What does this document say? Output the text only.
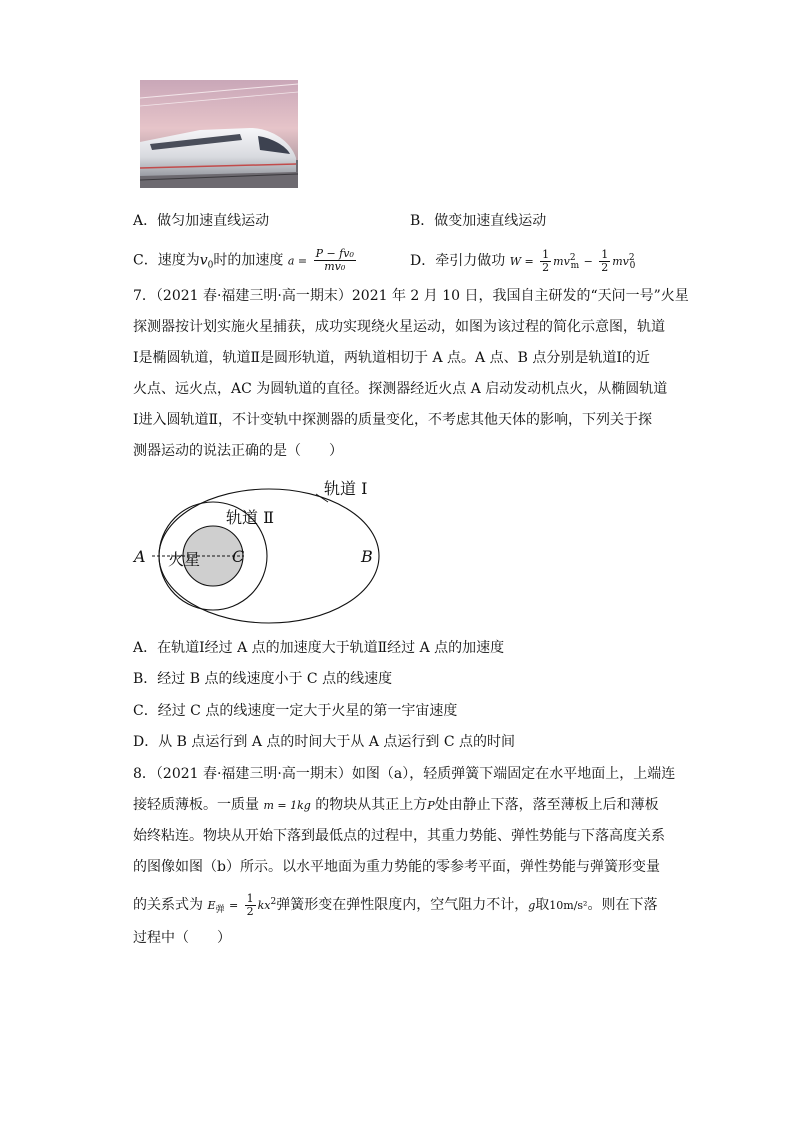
A．做匀加速直线运动	B．做变加速直线运动
C．速度为$v_0$时的加速度 $a = \frac{\text{P − fv₀}}{\text{mv₀}}$	D．牵引力做功 $W = \frac{1}{2} mv^2_m - \frac{1}{2} mv^2_0$
7．（2021 春·福建三明·高一期末）2021 年 2 月 10 日，我国自主研发的“天问一号”火星
探测器按计划实施火星捕获，成功实现绕火星运动，如图为该过程的简化示意图，轨道
Ⅰ是椭圆轨道，轨道Ⅱ是圆形轨道，两轨道相切于 A 点。A 点、B 点分别是轨道Ⅰ的近
火点、远火点，AC 为圆轨道的直径。探测器经近火点 A 启动发动机点火，从椭圆轨道
Ⅰ进入圆轨道Ⅱ，不计变轨中探测器的质量变化，不考虑其他天体的影响，下列关于探
测器运动的说法正确的是（　　）
轨道 Ⅰ
轨道 Ⅱ
火星
A	C	B
A．在轨道Ⅰ经过 A 点的加速度大于轨道Ⅱ经过 A 点的加速度
B．经过 B 点的线速度小于 C 点的线速度
C．经过 C 点的线速度一定大于火星的第一宇宙速度
D．从 B 点运行到 A 点的时间大于从 A 点运行到 C 点的时间
8．（2021 春·福建三明·高一期末）如图（a），轻质弹簧下端固定在水平地面上，上端连
接轻质薄板。一质量 m = 1kg 的物块从其正上方P处由静止下落，落至薄板上后和薄板
始终粘连。物块从开始下落到最低点的过程中，其重力势能、弹性势能与下落高度关系
的图像如图（b）所示。以水平地面为重力势能的零参考平面，弹性势能与弹簧形变量
的关系式为 $E_弹 = \frac{1}{2} kx^2$弹簧形变在弹性限度内，空气阻力不计，g取10m/s²。则在下落
过程中（　　）
